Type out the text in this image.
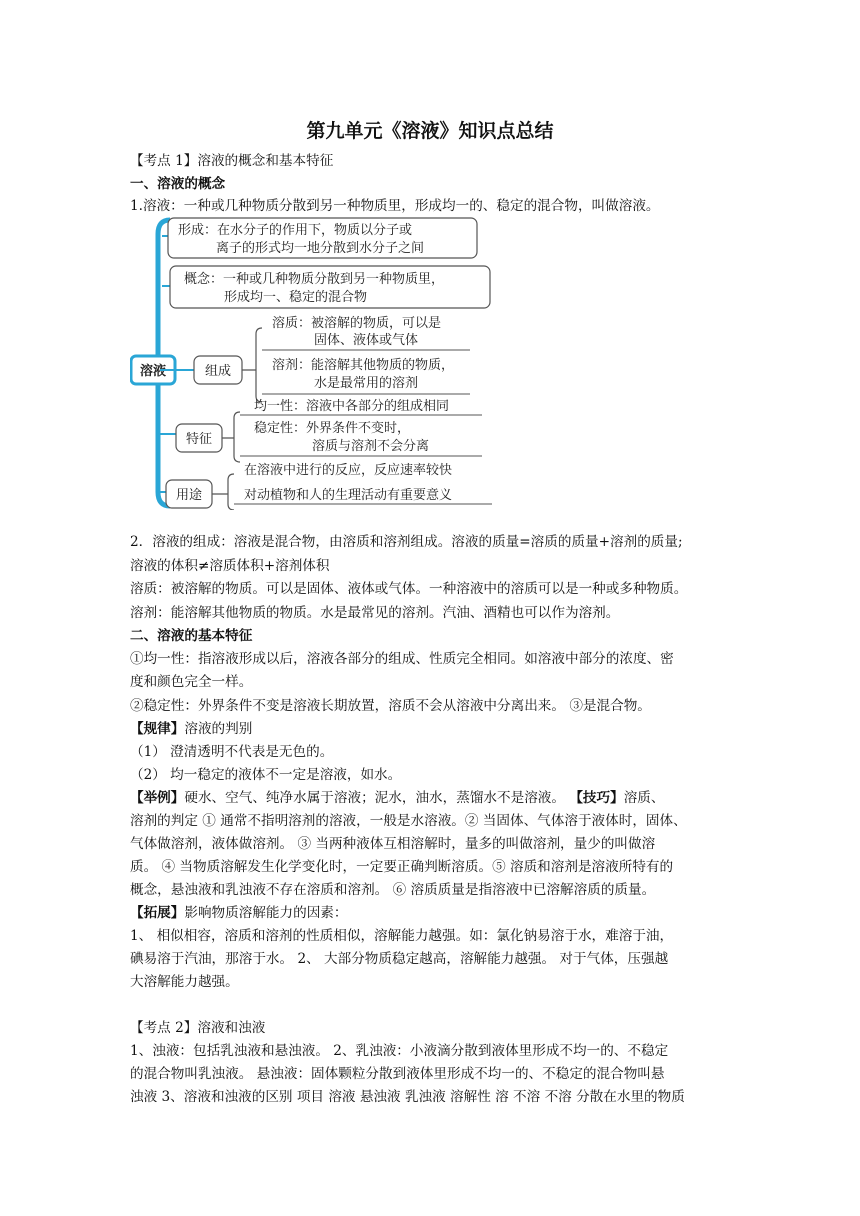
第九单元《溶液》知识点总结
【考点 1】溶液的概念和基本特征
一、溶液的概念
1.溶液：一种或几种物质分散到另一种物质里，形成均一的、稳定的混合物，叫做溶液。
溶液
形成：在水分子的作用下，物质以分子或
离子的形式均一地分散到水分子之间
概念：一种或几种物质分散到另一种物质里，
形成均一、稳定的混合物
组成
溶质：被溶解的物质，可以是
固体、液体或气体
溶剂：能溶解其他物质的物质，
水是最常用的溶剂
特征
均一性：溶液中各部分的组成相同
稳定性：外界条件不变时，
溶质与溶剂不会分离
用途
在溶液中进行的反应，反应速率较快
对动植物和人的生理活动有重要意义
2．溶液的组成：溶液是混合物，由溶质和溶剂组成。溶液的质量=溶质的质量+溶剂的质量;
溶液的体积≠溶质体积+溶剂体积
溶质：被溶解的物质。可以是固体、液体或气体。一种溶液中的溶质可以是一种或多种物质。
溶剂：能溶解其他物质的物质。水是最常见的溶剂。汽油、酒精也可以作为溶剂。
二、溶液的基本特征
①均一性：指溶液形成以后，溶液各部分的组成、性质完全相同。如溶液中部分的浓度、密
度和颜色完全一样。
②稳定性：外界条件不变是溶液长期放置，溶质不会从溶液中分离出来。 ③是混合物。
【规律】溶液的判别
（1） 澄清透明不代表是无色的。
（2） 均一稳定的液体不一定是溶液，如水。
【举例】硬水、空气、纯净水属于溶液；泥水，油水，蒸馏水不是溶液。 【技巧】溶质、
溶剂的判定 ① 通常不指明溶剂的溶液，一般是水溶液。② 当固体、气体溶于液体时，固体、
气体做溶剂，液体做溶剂。 ③ 当两种液体互相溶解时，量多的叫做溶剂，量少的叫做溶
质。 ④ 当物质溶解发生化学变化时，一定要正确判断溶质。⑤ 溶质和溶剂是溶液所特有的
概念，悬浊液和乳浊液不存在溶质和溶剂。 ⑥ 溶质质量是指溶液中已溶解溶质的质量。
【拓展】影响物质溶解能力的因素：
1、 相似相容，溶质和溶剂的性质相似，溶解能力越强。如：氯化钠易溶于水，难溶于油，
碘易溶于汽油，那溶于水。 2、 大部分物质稳定越高，溶解能力越强。 对于气体，压强越
大溶解能力越强。
【考点 2】溶液和浊液
1、浊液：包括乳浊液和悬浊液。 2、乳浊液：小液滴分散到液体里形成不均一的、不稳定
的混合物叫乳浊液。 悬浊液：固体颗粒分散到液体里形成不均一的、不稳定的混合物叫悬
浊液 3、溶液和浊液的区别 项目 溶液 悬浊液 乳浊液 溶解性 溶 不溶 不溶 分散在水里的物质
